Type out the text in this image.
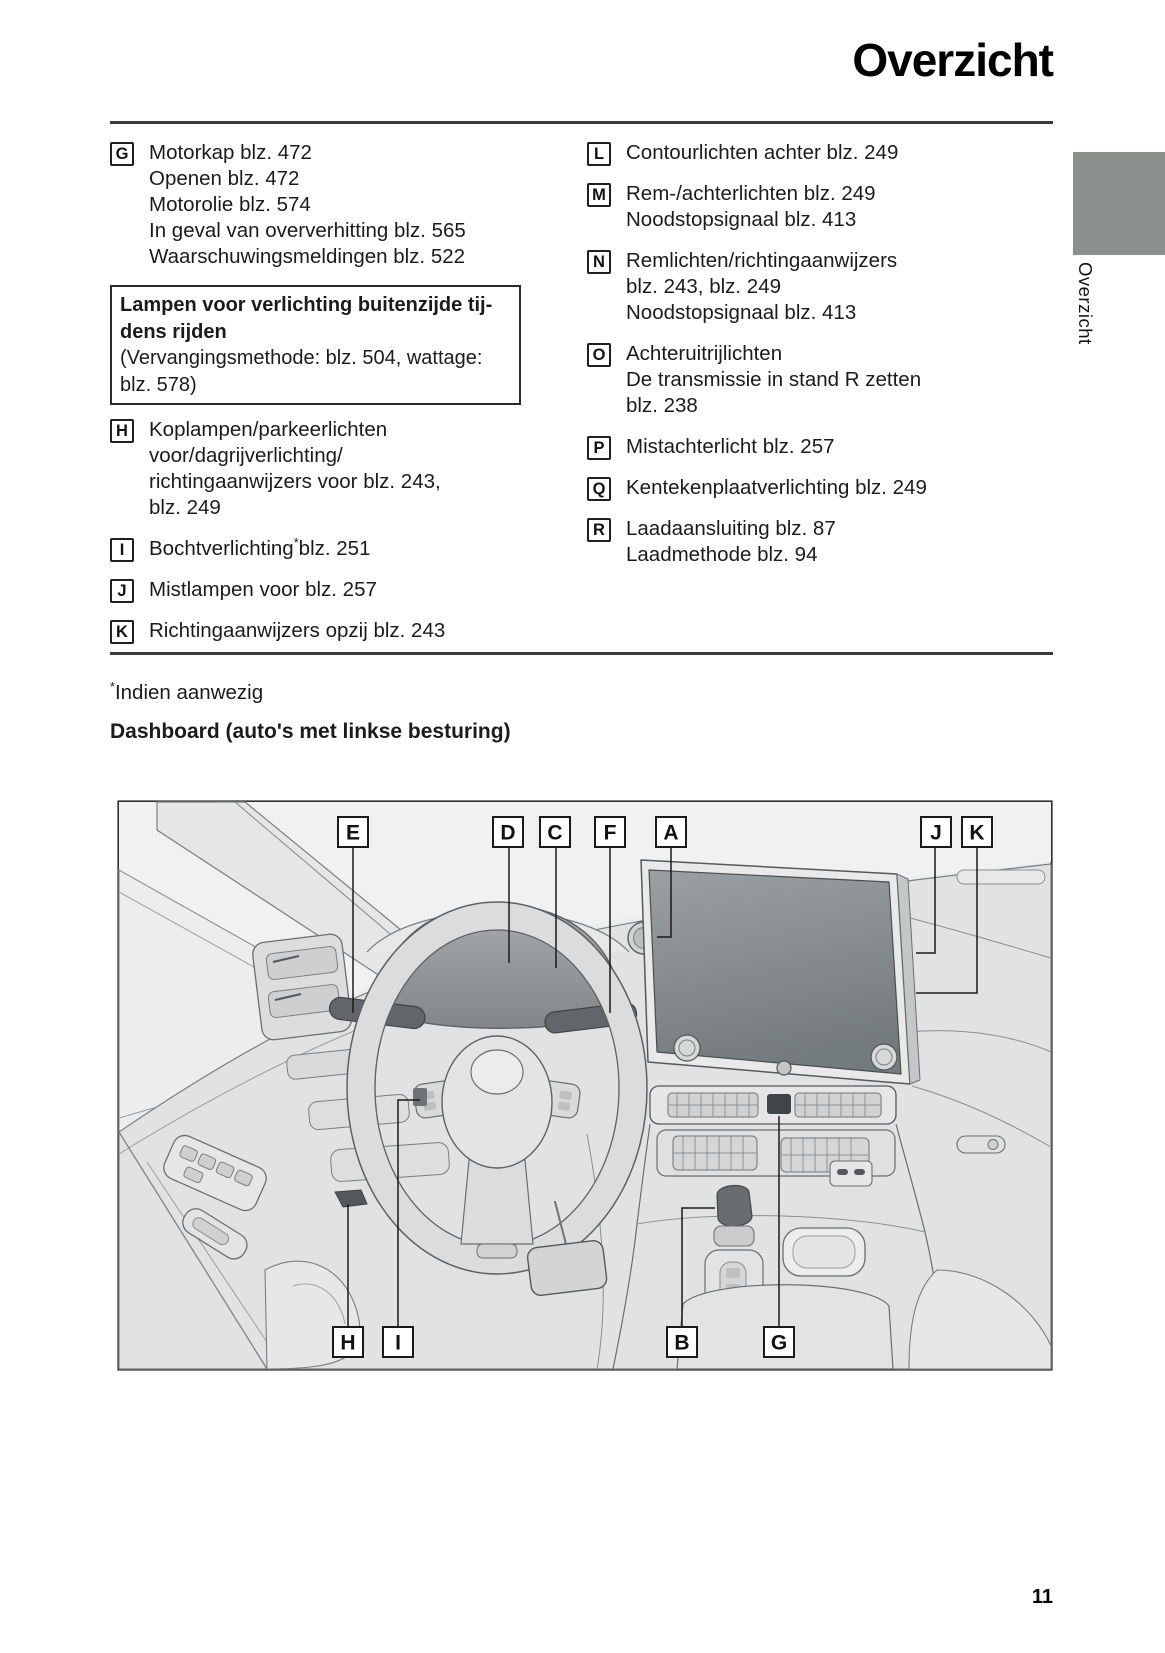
Overzicht
G Motorkap blz. 472
Openen blz. 472
Motorolie blz. 574
In geval van oververhitting blz. 565
Waarschuwingsmeldingen blz. 522
Lampen voor verlichting buitenzijde tij-
dens rijden
(Vervangingsmethode: blz. 504, wattage:
blz. 578)
H Koplampen/parkeerlichten
voor/dagrijverlichting/
richtingaanwijzers voor blz. 243,
blz. 249
I	Bochtverlichting*blz. 251
J	Mistlampen voor blz. 257
K Richtingaanwijzers opzij blz. 243
L	Contourlichten achter blz. 249
M Rem-/achterlichten blz. 249
Noodstopsignaal blz. 413
N Remlichten/richtingaanwijzers
blz. 243, blz. 249
Noodstopsignaal blz. 413
O Achteruitrijlichten
De transmissie in stand R zetten
blz. 238
P	Mistachterlicht blz. 257
Q Kentekenplaatverlichting blz. 249
R Laadaansluiting blz. 87
Laadmethode blz. 94
*Indien aanwezig
Dashboard (auto's met linkse besturing)
E	D C F A	J K
H I	B	G
Overzicht
11
